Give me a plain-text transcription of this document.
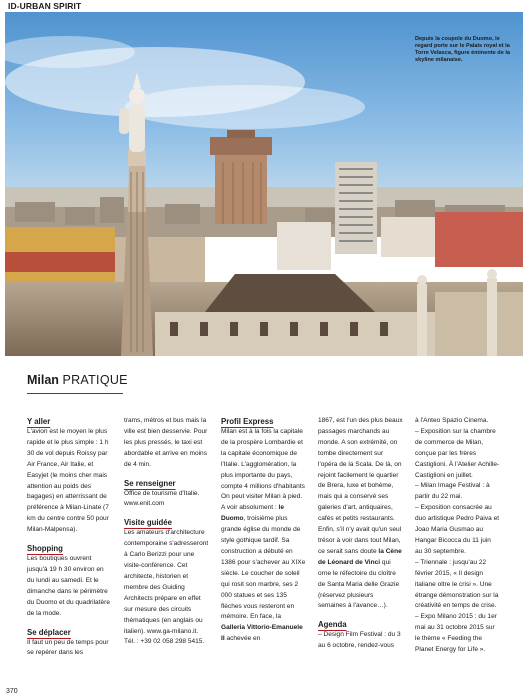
ID-URBAN SPIRIT
Depuis la coupole du Duomo, le regard porte sur le Palais royal et la Torre Velasca, figure éminente de la skyline milanaise.
Milan PRATIQUE
Y aller

L'avion est le moyen le plus rapide et le plus simple : 1 h 30 de vol depuis Roissy par Air France, Air Italie, et Easyjet (le moins cher mais attention au poids des bagages) en atterrissant de préférence à Milan-Linate (7 km du centre contre 50 pour Milan-Malpensa).

Shopping

Les boutiques ouvrent jusqu'à 19 h 30 environ en du lundi au samedi. Et le dimanche dans le périmètre du Duomo et du quadrilatère de la mode.

Se déplacer

Il faut un peu de temps pour se repérer dans les

trams, métros et bus mais la ville est bien desservie. Pour les plus pressés, le taxi est abordable et arrive en moins de 4 min.

Se renseigner

Office de tourisme d'Italie. www.enit.com

Visite guidée

Les amateurs d'architecture contemporaine s'adresseront à Carlo Berizzi pour une visite-conférence. Cet architecte, historien et membre des Guiding Architects prépare en effet sur mesure des circuits thématiques (en anglais ou italien). www.ga-milano.it. Tél. : +39 02 058 298 5415.

Profil Express

Milan est à la fois la capitale de la prospère Lombardie et la capitale économique de l'Italie. L'agglomération, la plus importante du pays, compte 4 millions d'habitants On peut visiter Milan à pied. A voir absolument : le Duomo, troisième plus grande église du monde de style gothique tardif. Sa construction a débuté en 1386 pour s'achever au XIXe siècle. Le coucher de soleil qui rosit son marbre, ses 2 000 statues et ses 135 flèches vous resteront en mémoire. En face, la Galleria Vittorio-Emanuele II achevée en

1867, est l'un des plus beaux passages marchands au monde. A son extrémité, on tombe directement sur l'opéra de la Scala. De là, on rejoint facilement le quartier de Brera, luxe et bohème, mais qui a conservé ses galeries d'art, antiquaires, cafés et petits restaurants. Enfin, s'il n'y avait qu'un seul trésor à voir dans tout Milan, ce serait sans doute la Cène de Léonard de Vinci qui orne le réfectoire du cloître de Santa Maria delle Grazie (réservez plusieurs semaines à l'avance…).

Agenda

– Design Film Festival : du 3 au 6 octobre, rendez-vous

à l'Anteo Spazio Cinema.

– Exposition sur la chambre de commerce de Milan, conçue par les frères Castiglioni. À l'Atelier Achille-Castiglioni en juillet.

– Milan Image Festival : à partir du 22 mai.

– Exposition consacrée au duo artistique Pedro Paiva et Joao Maria Gusmao au Hangar Bicocca du 11 juin au 30 septembre.

– Triennale : jusqu'au 22 février 2015, « Il design italiane oltre le crisi ». Une étrange démonstration sur la créativité en temps de crise.

– Expo Milano 2015 : du 1er mai au 31 octobre 2015 sur le thème « Feeding the Planet Energy for Life ».

370
